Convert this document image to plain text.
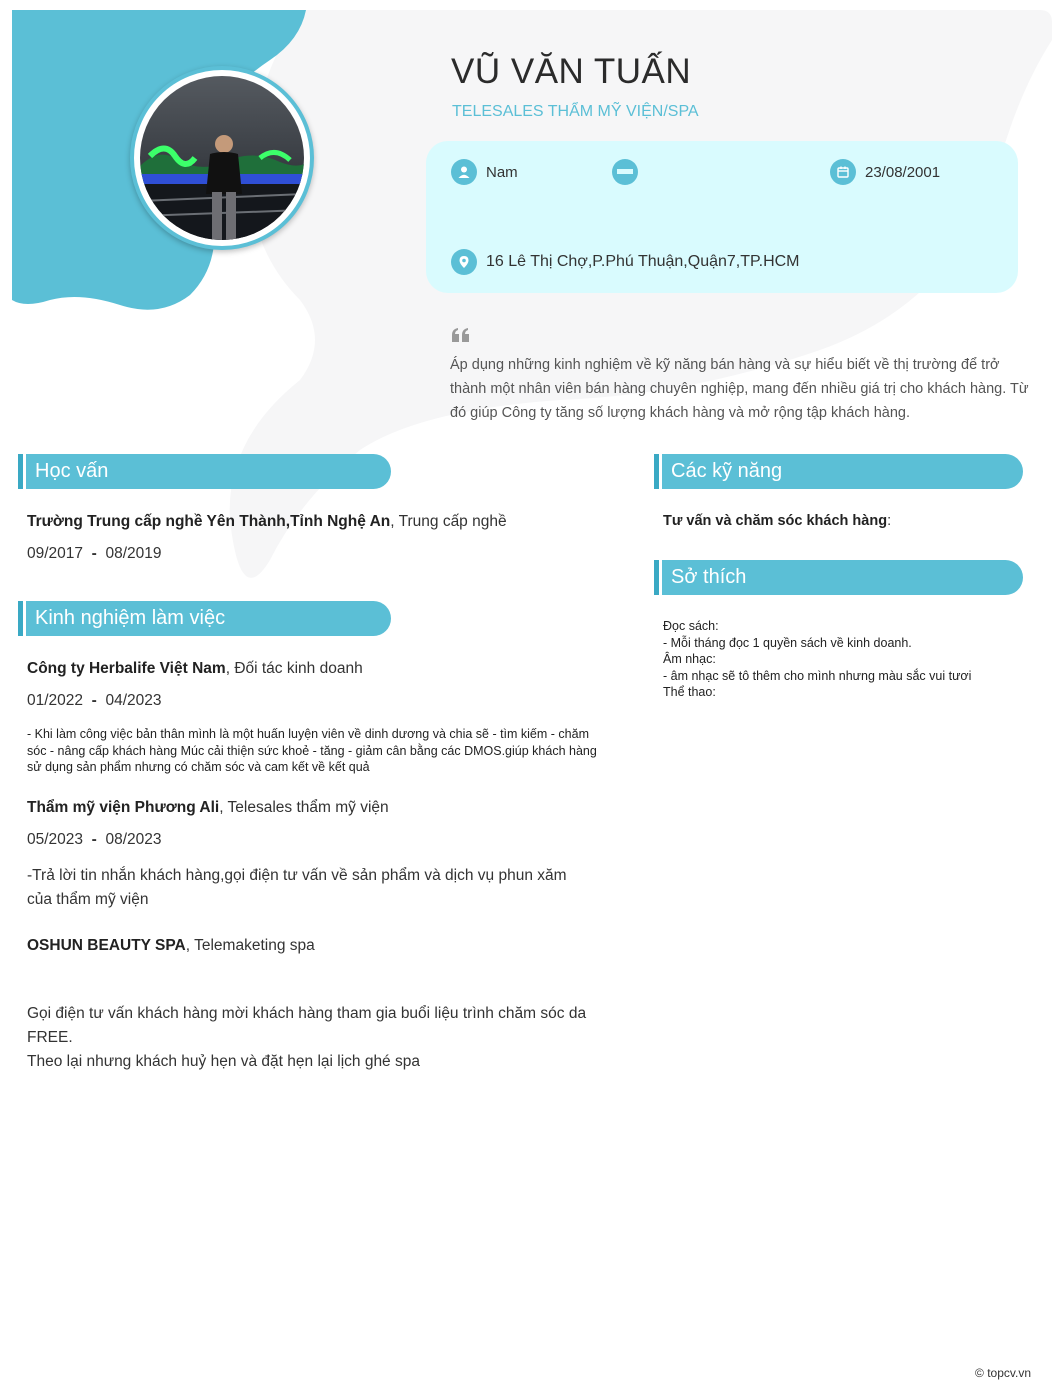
VŨ VĂN TUẤN
TELESALES THẨM MỸ VIỆN/SPA
Nam	23/08/2001
16 Lê Thị Chợ,P.Phú Thuận,Quận7,TP.HCM
Áp dụng những kinh nghiệm về kỹ năng bán hàng và sự hiểu biết về thị trường để trở thành một nhân viên bán hàng chuyên nghiệp, mang đến nhiều giá trị cho khách hàng. Từ đó giúp Công ty tăng số lượng khách hàng và mở rộng tập khách hàng.
Học vấn
Trường Trung cấp nghề Yên Thành,Tỉnh Nghệ An, Trung cấp nghề
09/2017 - 08/2019
Kinh nghiệm làm việc
Công ty Herbalife Việt Nam, Đối tác kinh doanh
01/2022 - 04/2023
- Khi làm công việc bản thân mình là một huấn luyện viên về dinh dương và chia sẽ - tìm kiếm - chăm sóc - nâng cấp khách hàng Múc cải thiện sức khoẻ - tăng - giảm cân bằng các DMOS.giúp khách hàng sử dụng sản phẩm nhưng có chăm sóc và cam kết về kết quả
Thẩm mỹ viện Phương Ali, Telesales thẩm mỹ viện
05/2023 - 08/2023
-Trả lời tin nhắn khách hàng,gọi điện tư vấn về sản phẩm và dịch vụ phun xăm của thẩm mỹ viện
OSHUN BEAUTY SPA, Telemaketing spa
Gọi điện tư vấn khách hàng mời khách hàng tham gia buổi liệu trình chăm sóc da FREE.
Theo lại nhưng khách huỷ hẹn và đặt hẹn lại lịch ghé spa
Các kỹ năng
Tư vấn và chăm sóc khách hàng:
Sở thích
Đọc sách:
- Mỗi tháng đọc 1 quyền sách về kinh doanh.
Âm nhạc:
- âm nhạc sẽ tô thêm cho mình nhưng màu sắc vui tươi
Thể thao:
© topcv.vn
